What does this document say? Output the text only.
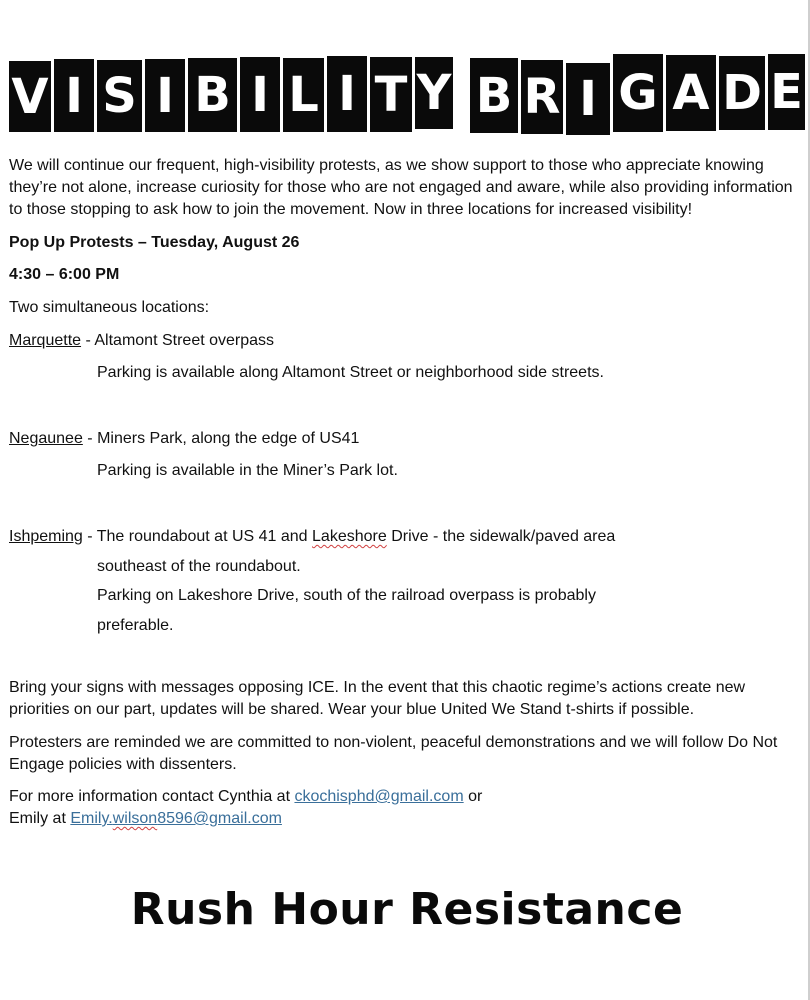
V I S I B I L I T Y B R I G A D E

We will continue our frequent, high-visibility protests, as we show support to those who appreciate knowing

they’re not alone, increase curiosity for those who are not engaged and aware, while also providing information

to those stopping to ask how to join the movement. Now in three locations for increased visibility!

Pop Up Protests – Tuesday, August 26

4:30 – 6:00 PM

Two simultaneous locations:

Marquette - Altamont Street overpass

Parking is available along Altamont Street or neighborhood side streets.

Negaunee - Miners Park, along the edge of US41

Parking is available in the Miner’s Park lot.

Ishpeming - The roundabout at US 41 and Lakeshore Drive - the sidewalk/paved area

southeast of the roundabout.

Parking on Lakeshore Drive, south of the railroad overpass is probably

preferable.

Bring your signs with messages opposing ICE. In the event that this chaotic regime’s actions create new

priorities on our part, updates will be shared. Wear your blue United We Stand t-shirts if possible.

Protesters are reminded we are committed to non-violent, peaceful demonstrations and we will follow Do Not

Engage policies with dissenters.

For more information contact Cynthia at ckochisphd@gmail.com or

Emily at Emily.wilson8596@gmail.com

Rush Hour Resistance
